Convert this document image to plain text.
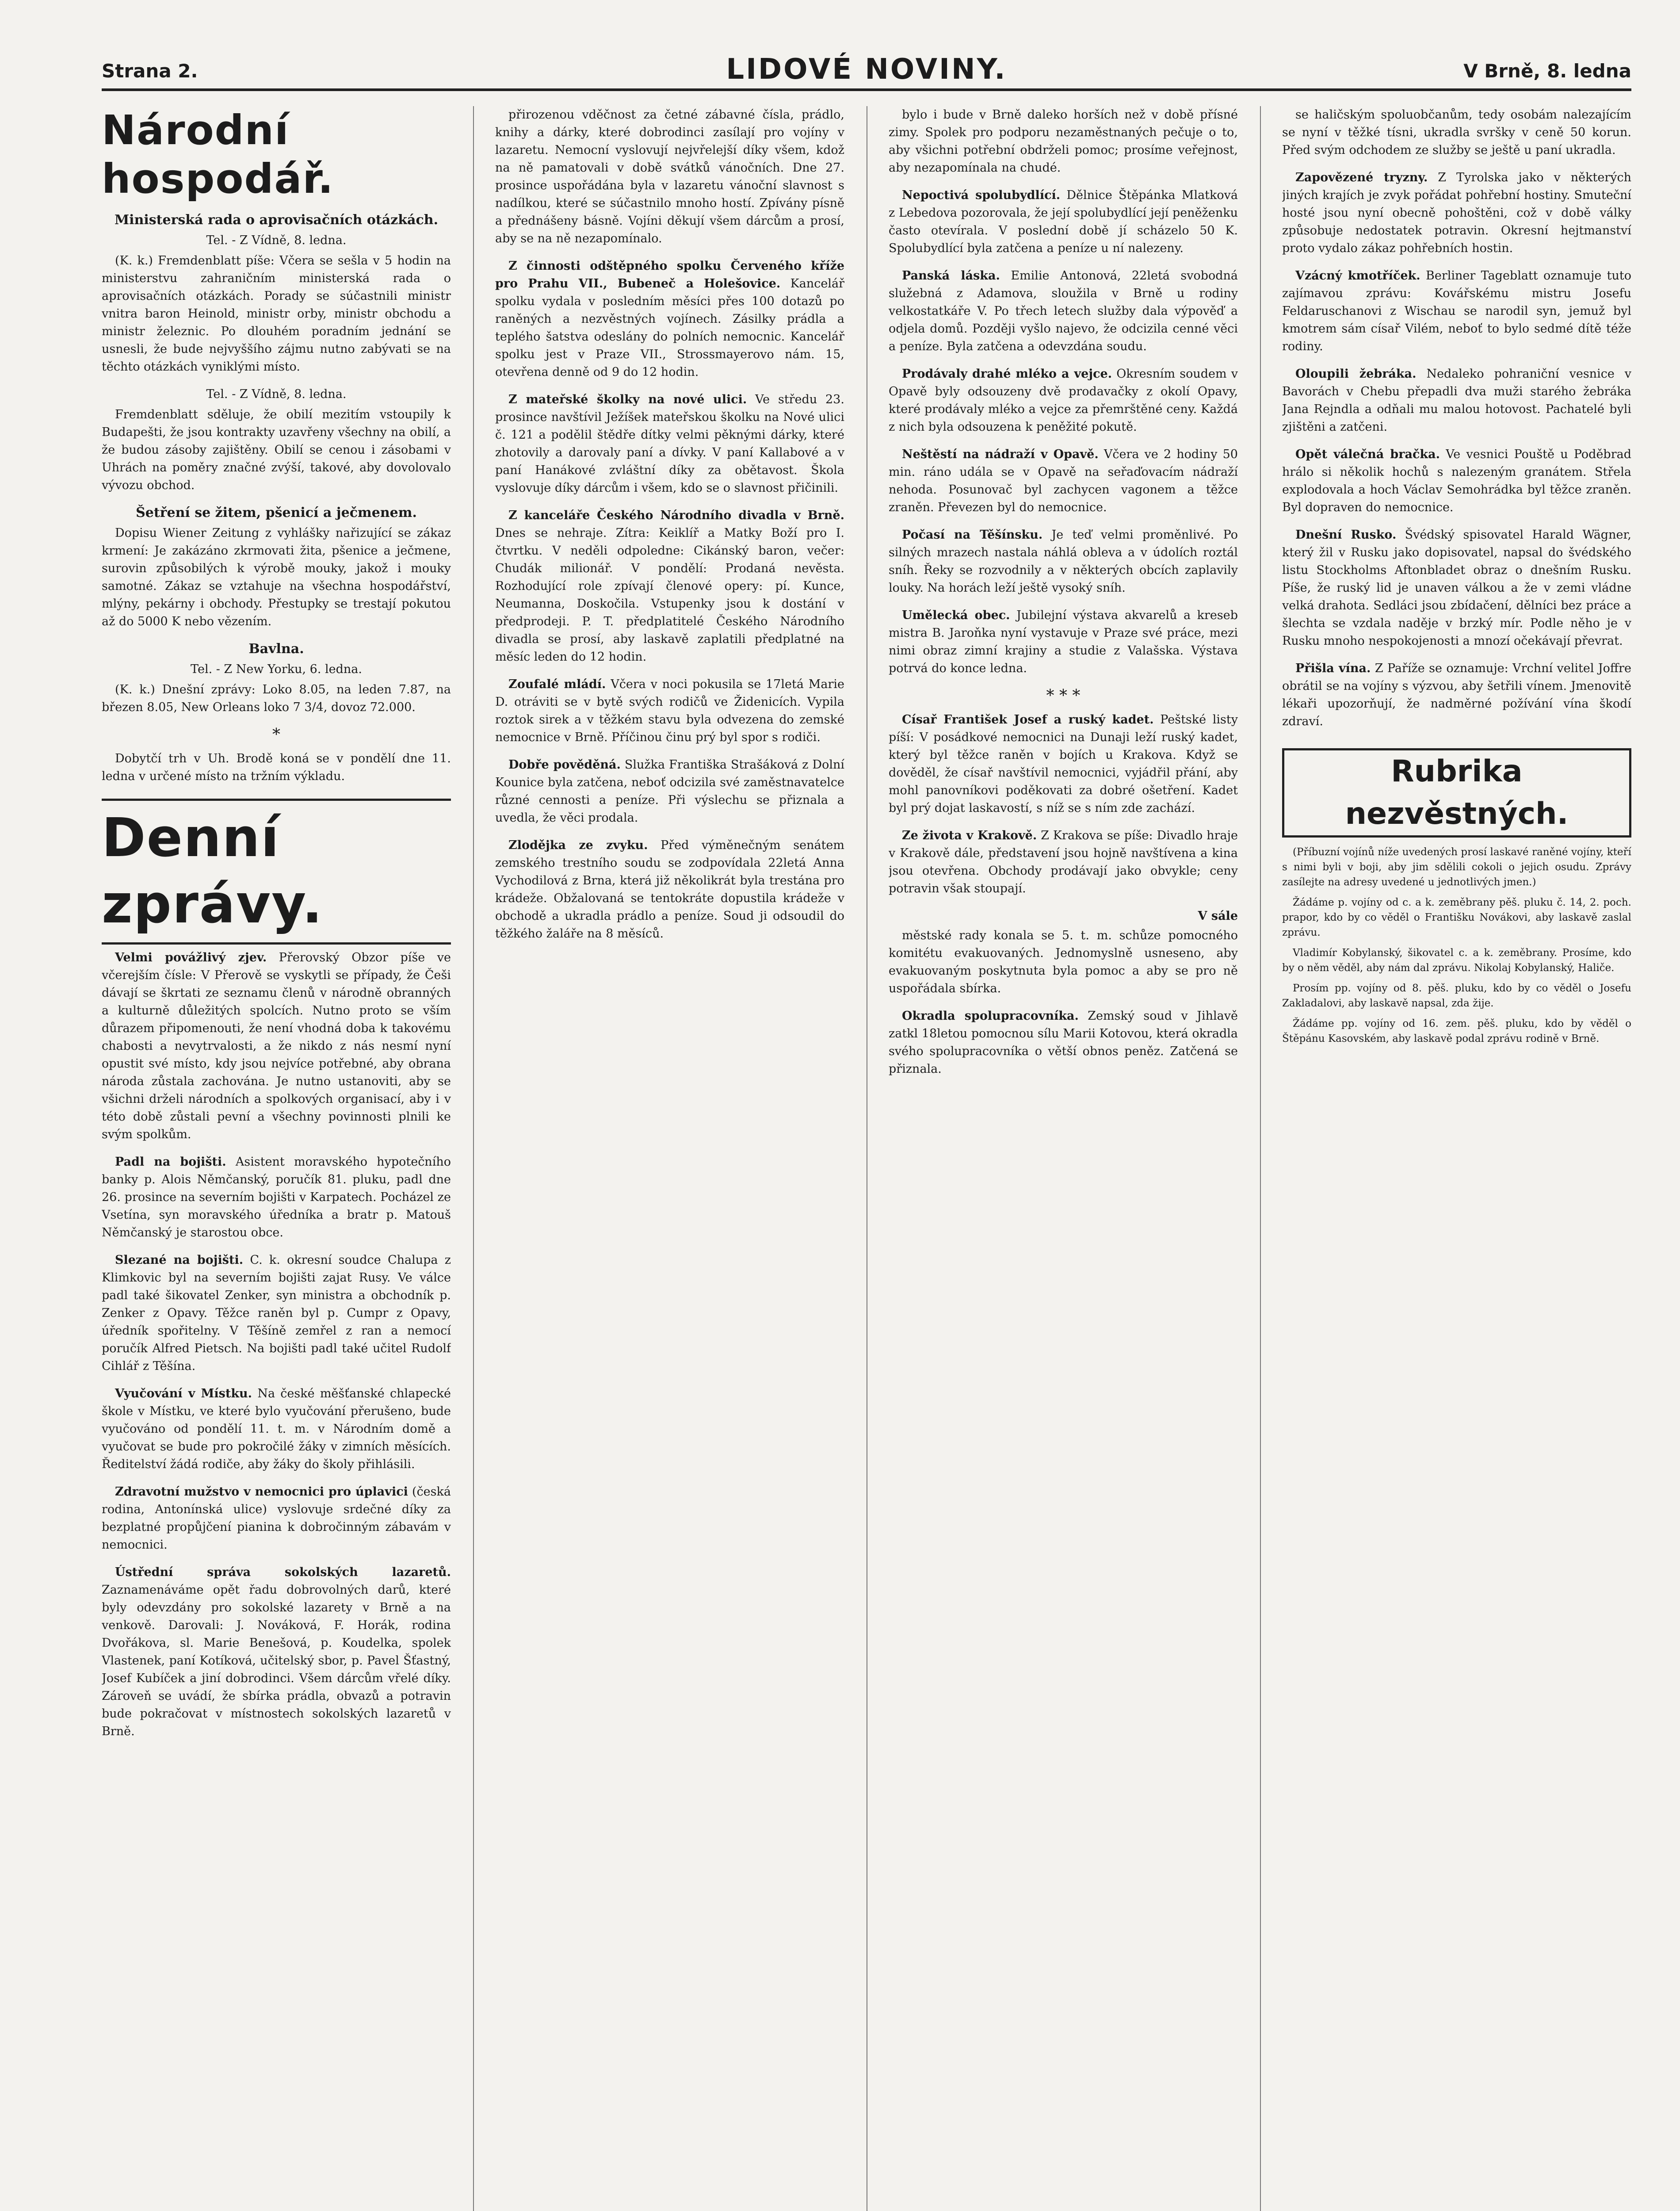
Strana 2.	LIDOVÉ NOVINY.	V Brně, 8. ledna
Národní hospodář.
Ministerská rada o aprovisačních otázkách.
Tel. - Z Vídně, 8. ledna.

(K. k.) Fremdenblatt píše: Včera se sešla v 5 hodin na ministerstvu zahraničním ministerská rada o aprovisačních otázkách. Porady se súčastnili ministr vnitra baron Heinold, ministr orby, ministr obchodu a ministr železnic. Po dlouhém poradním jednání se usnesli, že bude nejvyššího zájmu nutno zabývati se na těchto otázkách vyniklými místo.

Tel. - Z Vídně, 8. ledna.

Fremdenblatt sděluje, že obilí mezitím vstoupily k Budapešti, že jsou kontrakty uzavřeny všechny na obilí, a že budou zásoby zajištěny. Obilí se cenou i zásobami v Uhrách na poměry značné zvýší, takové, aby dovolovalo vývozu obchod.

Šetření se žitem, pšenicí a ječmenem.

Dopisu Wiener Zeitung z vyhlášky nařizující se zákaz krmení: Je zakázáno zkrmovati žita, pšenice a ječmene, surovin způsobilých k výrobě mouky, jakož i mouky samotné. Zákaz se vztahuje na všechna hospodářství, mlýny, pekárny i obchody. Přestupky se trestají pokutou až do 5000 K nebo vězením.

Bavlna.
Tel. - Z New Yorku, 6. ledna.

(K. k.) Dnešní zprávy: Loko 8.05, na leden 7.87, na březen 8.05, New Orleans loko 7 3/4, dovoz 72.000.

*

Dobytčí trh v Uh. Brodě koná se v pondělí dne 11. ledna v určené místo na tržním výkladu.

Denní zprávy.

Velmi povážlivý zjev. Přerovský Obzor píše ve včerejším čísle: V Přerově se vyskytli se případy, že Češi dávají se škrtati ze seznamu členů v národně obranných a kulturně důležitých spolcích. Nutno proto se vším důrazem připomenouti, že není vhodná doba k takovému chabosti a nevytrvalosti, a že nikdo z nás nesmí nyní opustit své místo, kdy jsou nejvíce potřebné, aby obrana národa zůstala zachována. Je nutno ustanoviti, aby se všichni drželi národních a spolkových organisací, aby i v této době zůstali pevní a všechny povinnosti plnili ke svým spolkům.

Padl na bojišti. Asistent moravského hypotečního banky p. Alois Němčanský, poručík 81. pluku, padl dne 26. prosince na severním bojišti v Karpatech. Pocházel ze Vsetína, syn moravského úředníka a bratr p. Matouš Němčanský je starostou obce.

Slezané na bojišti. C. k. okresní soudce Chalupa z Klimkovic byl na severním bojišti zajat Rusy. Ve válce padl také šikovatel Zenker, syn ministra a obchodník p. Zenker z Opavy. Těžce raněn byl p. Cumpr z Opavy, úředník spořitelny. V Těšíně zemřel z ran a nemocí poručík Alfred Pietsch. Na bojišti padl také učitel Rudolf Cihlář z Těšína.

Vyučování v Místku. Na české měšťanské chlapecké škole v Místku, ve které bylo vyučování přerušeno, bude vyučováno od pondělí 11. t. m. v Národním domě a vyučovat se bude pro pokročilé žáky v zimních měsících. Ředitelství žádá rodiče, aby žáky do školy přihlásili.

Zdravotní mužstvo v nemocnici pro úplavici (česká rodina, Antonínská ulice) vyslovuje srdečné díky za bezplatné propůjčení pianina k dobročinným zábavám v nemocnici.

Ústřední správa sokolských lazaretů. Zaznamenáváme opět řadu dobrovolných darů, které byly odevzdány pro sokolské lazarety v Brně a na venkově. Darovali: J. Nováková, F. Horák, rodina Dvořákova, sl. Marie Benešová, p. Koudelka, spolek Vlastenek, paní Kotíková, učitelský sbor, p. Pavel Šťastný, Josef Kubíček a jiní dobrodinci. Všem dárcům vřelé díky. Zároveň se uvádí, že sbírka prádla, obvazů a potravin bude pokračovat v místnostech sokolských lazaretů v Brně.

přirozenou vděčnost za četné zábavné čísla, prádlo, knihy a dárky, které dobrodinci zasílají pro vojíny v lazaretu. Nemocní vyslovují nejvřelejší díky všem, kdož na ně pamatovali v době svátků vánočních. Dne 27. prosince uspořádána byla v lazaretu vánoční slavnost s nadílkou, které se súčastnilo mnoho hostí. Zpívány písně a přednášeny básně. Vojíni děkují všem dárcům a prosí, aby se na ně nezapomínalo.

Z činnosti odštěpného spolku Červeného kříže pro Prahu VII., Bubeneč a Holešovice. Kancelář spolku vydala v posledním měsíci přes 100 dotazů po raněných a nezvěstných vojínech. Zásilky prádla a teplého šatstva odeslány do polních nemocnic. Kancelář spolku jest v Praze VII., Strossmayerovo nám. 15, otevřena denně od 9 do 12 hodin.

Z mateřské školky na nové ulici. Ve středu 23. prosince navštívil Ježíšek mateřskou školku na Nové ulici č. 121 a podělil štědře dítky velmi pěknými dárky, které zhotovily a darovaly paní a dívky. V paní Kallabové a v paní Hanákové zvláštní díky za obětavost. Škola vyslovuje díky dárcům i všem, kdo se o slavnost přičinili.

Z kanceláře Českého Národního divadla v Brně. Dnes se nehraje. Zítra: Keiklíř a Matky Boží pro I. čtvrtku. V neděli odpoledne: Cikánský baron, večer: Chudák milionář. V pondělí: Prodaná nevěsta. Rozhodující role zpívají členové opery: pí. Kunce, Neumanna, Doskočila. Vstupenky jsou k dostání v předprodeji. P. T. předplatitelé Českého Národního divadla se prosí, aby laskavě zaplatili předplatné na měsíc leden do 12 hodin.

Zoufalé mládí. Včera v noci pokusila se 17letá Marie D. otráviti se v bytě svých rodičů ve Židenicích. Vypila roztok sirek a v těžkém stavu byla odvezena do zemské nemocnice v Brně. Příčinou činu prý byl spor s rodiči.

Dobře pověděná. Služka Františka Strašáková z Dolní Kounice byla zatčena, neboť odcizila své zaměstnavatelce různé cennosti a peníze. Při výslechu se přiznala a uvedla, že věci prodala.

Zlodějka ze zvyku. Před výměnečným senátem zemského trestního soudu se zodpovídala 22letá Anna Vychodilová z Brna, která již několikrát byla trestána pro krádeže. Obžalovaná se tentokráte dopustila krádeže v obchodě a ukradla prádlo a peníze. Soud ji odsoudil do těžkého žaláře na 8 měsíců.

bylo i bude v Brně daleko horších než v době přísné zimy. Spolek pro podporu nezaměstnaných pečuje o to, aby všichni potřební obdrželi pomoc; prosíme veřejnost, aby nezapomínala na chudé.

Nepoctivá spolubydlící. Dělnice Štěpánka Mlatková z Lebedova pozorovala, že její spolubydlící její peněženku často otevírala. V poslední době jí scházelo 50 K. Spolubydlící byla zatčena a peníze u ní nalezeny.

Panská láska. Emilie Antonová, 22letá svobodná služebná z Adamova, sloužila v Brně u rodiny velkostatkáře V. Po třech letech služby dala výpověď a odjela domů. Později vyšlo najevo, že odcizila cenné věci a peníze. Byla zatčena a odevzdána soudu.

Prodávaly drahé mléko a vejce. Okresním soudem v Opavě byly odsouzeny dvě prodavačky z okolí Opavy, které prodávaly mléko a vejce za přemrštěné ceny. Každá z nich byla odsouzena k peněžité pokutě.

Neštěstí na nádraží v Opavě. Včera ve 2 hodiny 50 min. ráno udála se v Opavě na seřaďovacím nádraží nehoda. Posunovač byl zachycen vagonem a těžce zraněn. Převezen byl do nemocnice.

Počasí na Těšínsku. Je teď velmi proměnlivé. Po silných mrazech nastala náhlá obleva a v údolích roztál sníh. Řeky se rozvodnily a v některých obcích zaplavily louky. Na horách leží ještě vysoký sníh.

Umělecká obec. Jubilejní výstava akvarelů a kreseb mistra B. Jaroňka nyní vystavuje v Praze své práce, mezi nimi obraz zimní krajiny a studie z Valašska. Výstava potrvá do konce ledna.

* * *

Císař František Josef a ruský kadet. Peštské listy píší: V posádkové nemocnici na Dunaji leží ruský kadet, který byl těžce raněn v bojích u Krakova. Když se dověděl, že císař navštívil nemocnici, vyjádřil přání, aby mohl panovníkovi poděkovati za dobré ošetření. Kadet byl prý dojat laskavostí, s níž se s ním zde zachází.

Ze života v Krakově. Z Krakova se píše: Divadlo hraje v Krakově dále, představení jsou hojně navštívena a kina jsou otevřena. Obchody prodávají jako obvykle; ceny potravin však stoupají.

V sále

městské rady konala se 5. t. m. schůze pomocného komitétu evakuovaných. Jednomyslně usneseno, aby evakuovaným poskytnuta byla pomoc a aby se pro ně uspořádala sbírka.

Okradla spolupracovníka. Zemský soud v Jihlavě zatkl 18letou pomocnou sílu Marii Kotovou, která okradla svého spolupracovníka o větší obnos peněz. Zatčená se přiznala.

se haličským spoluobčanům, tedy osobám nalezajícím se nyní v těžké tísni, ukradla svršky v ceně 50 korun. Před svým odchodem ze služby se ještě u paní ukradla.

Zapovězené tryzny. Z Tyrolska jako v některých jiných krajích je zvyk pořádat pohřební hostiny. Smuteční hosté jsou nyní obecně pohoštěni, což v době války způsobuje nedostatek potravin. Okresní hejtmanství proto vydalo zákaz pohřebních hostin.

Vzácný kmotříček. Berliner Tageblatt oznamuje tuto zajímavou zprávu: Kovářskému mistru Josefu Feldaruschanovi z Wischau se narodil syn, jemuž byl kmotrem sám císař Vilém, neboť to bylo sedmé dítě téže rodiny.

Oloupili žebráka. Nedaleko pohraniční vesnice v Bavorách v Chebu přepadli dva muži starého žebráka Jana Rejndla a odňali mu malou hotovost. Pachatelé byli zjištěni a zatčeni.

Opět válečná bračka. Ve vesnici Pouště u Poděbrad hrálo si několik hochů s nalezeným granátem. Střela explodovala a hoch Václav Semohrádka byl těžce zraněn. Byl dopraven do nemocnice.

Dnešní Rusko. Švédský spisovatel Harald Wägner, který žil v Rusku jako dopisovatel, napsal do švédského listu Stockholms Aftonbladet obraz o dnešním Rusku. Píše, že ruský lid je unaven válkou a že v zemi vládne velká drahota. Sedláci jsou zbídačení, dělníci bez práce a šlechta se vzdala naděje v brzký mír. Podle něho je v Rusku mnoho nespokojenosti a mnozí očekávají převrat.

Přišla vína. Z Paříže se oznamuje: Vrchní velitel Joffre obrátil se na vojíny s výzvou, aby šetřili vínem. Jmenovitě lékaři upozorňují, že nadměrné požívání vína škodí zdraví.

Rubrika nezvěstných.

(Příbuzní vojínů níže uvedených prosí laskavé raněné vojíny, kteří s nimi byli v boji, aby jim sdělili cokoli o jejich osudu. Zprávy zasílejte na adresy uvedené u jednotlivých jmen.)

Žádáme p. vojíny od c. a k. zeměbrany pěš. pluku č. 14, 2. poch. prapor, kdo by co věděl o Františku Novákovi, aby laskavě zaslal zprávu.

Vladimír Kobylanský, šikovatel c. a k. zeměbrany. Prosíme, kdo by o něm věděl, aby nám dal zprávu. Nikolaj Kobylanský, Haliče.

Prosím pp. vojíny od 8. pěš. pluku, kdo by co věděl o Josefu Zakladalovi, aby laskavě napsal, zda žije.

Žádáme pp. vojíny od 16. zem. pěš. pluku, kdo by věděl o Štěpánu Kasovském, aby laskavě podal zprávu rodině v Brně.
